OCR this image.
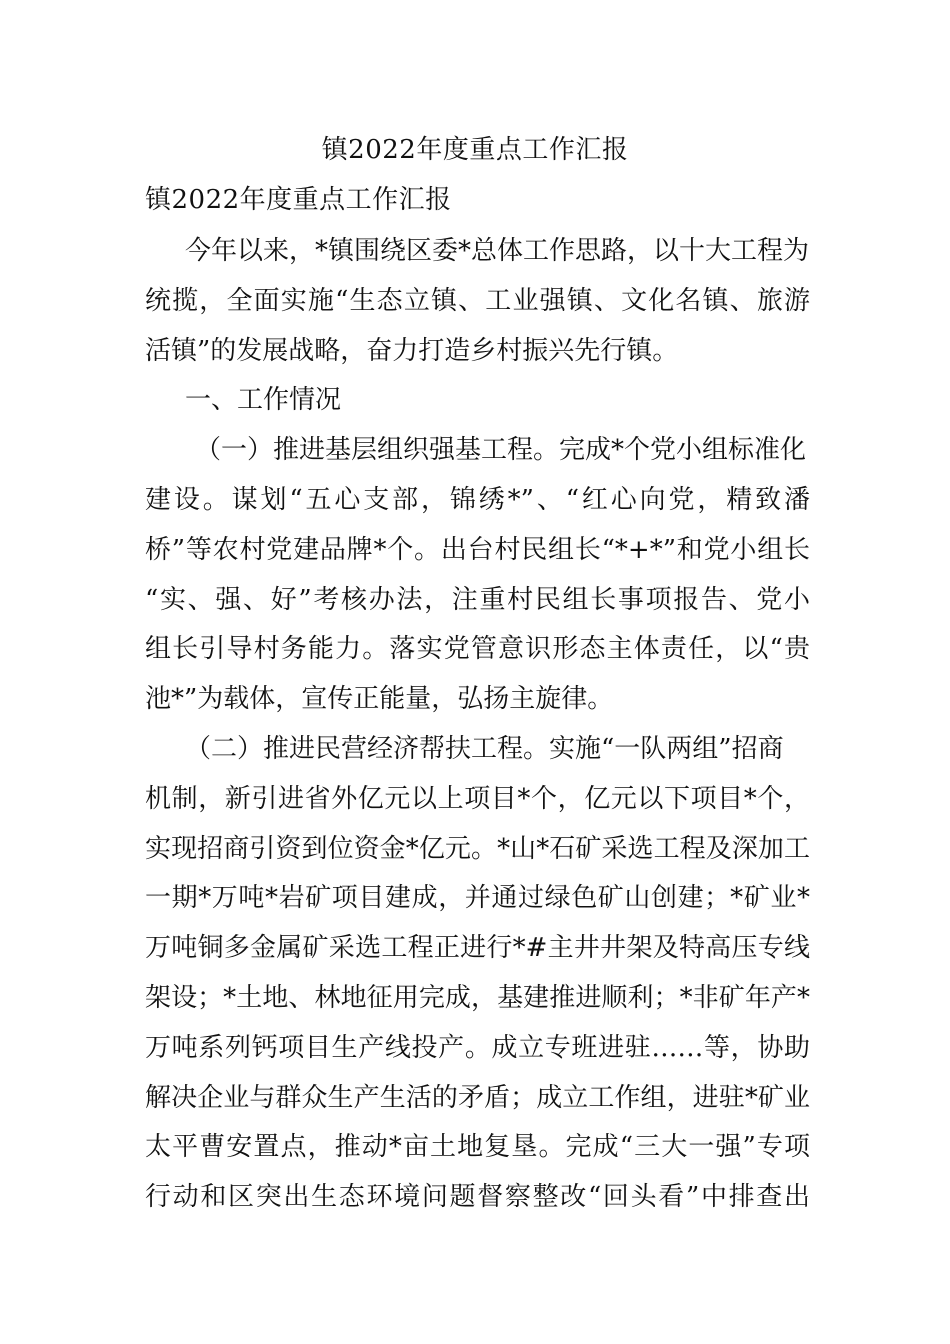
镇2022年度重点工作汇报
镇2022年度重点工作汇报
今年以来，*镇围绕区委*总体工作思路，以十大工程为
统揽，全面实施“生态立镇、工业强镇、文化名镇、旅游
活镇”的发展战略，奋力打造乡村振兴先行镇。
一、工作情况
（一）推进基层组织强基工程。完成*个党小组标准化
建设。谋划“五心支部，锦绣*”、“红心向党，精致潘
桥”等农村党建品牌*个。出台村民组长“*+*”和党小组长
“实、强、好”考核办法，注重村民组长事项报告、党小
组长引导村务能力。落实党管意识形态主体责任，以“贵
池*”为载体，宣传正能量，弘扬主旋律。
（二）推进民营经济帮扶工程。实施“一队两组”招商
机制，新引进省外亿元以上项目*个，亿元以下项目*个，
实现招商引资到位资金*亿元。*山*石矿采选工程及深加工
一期*万吨*岩矿项目建成，并通过绿色矿山创建；*矿业*
万吨铜多金属矿采选工程正进行*#主井井架及特高压专线
架设；*土地、林地征用完成，基建推进顺利；*非矿年产*
万吨系列钙项目生产线投产。成立专班进驻……等，协助
解决企业与群众生产生活的矛盾；成立工作组，进驻*矿业
太平曹安置点，推动*亩土地复垦。完成“三大一强”专项
行动和区突出生态环境问题督察整改“回头看”中排查出
